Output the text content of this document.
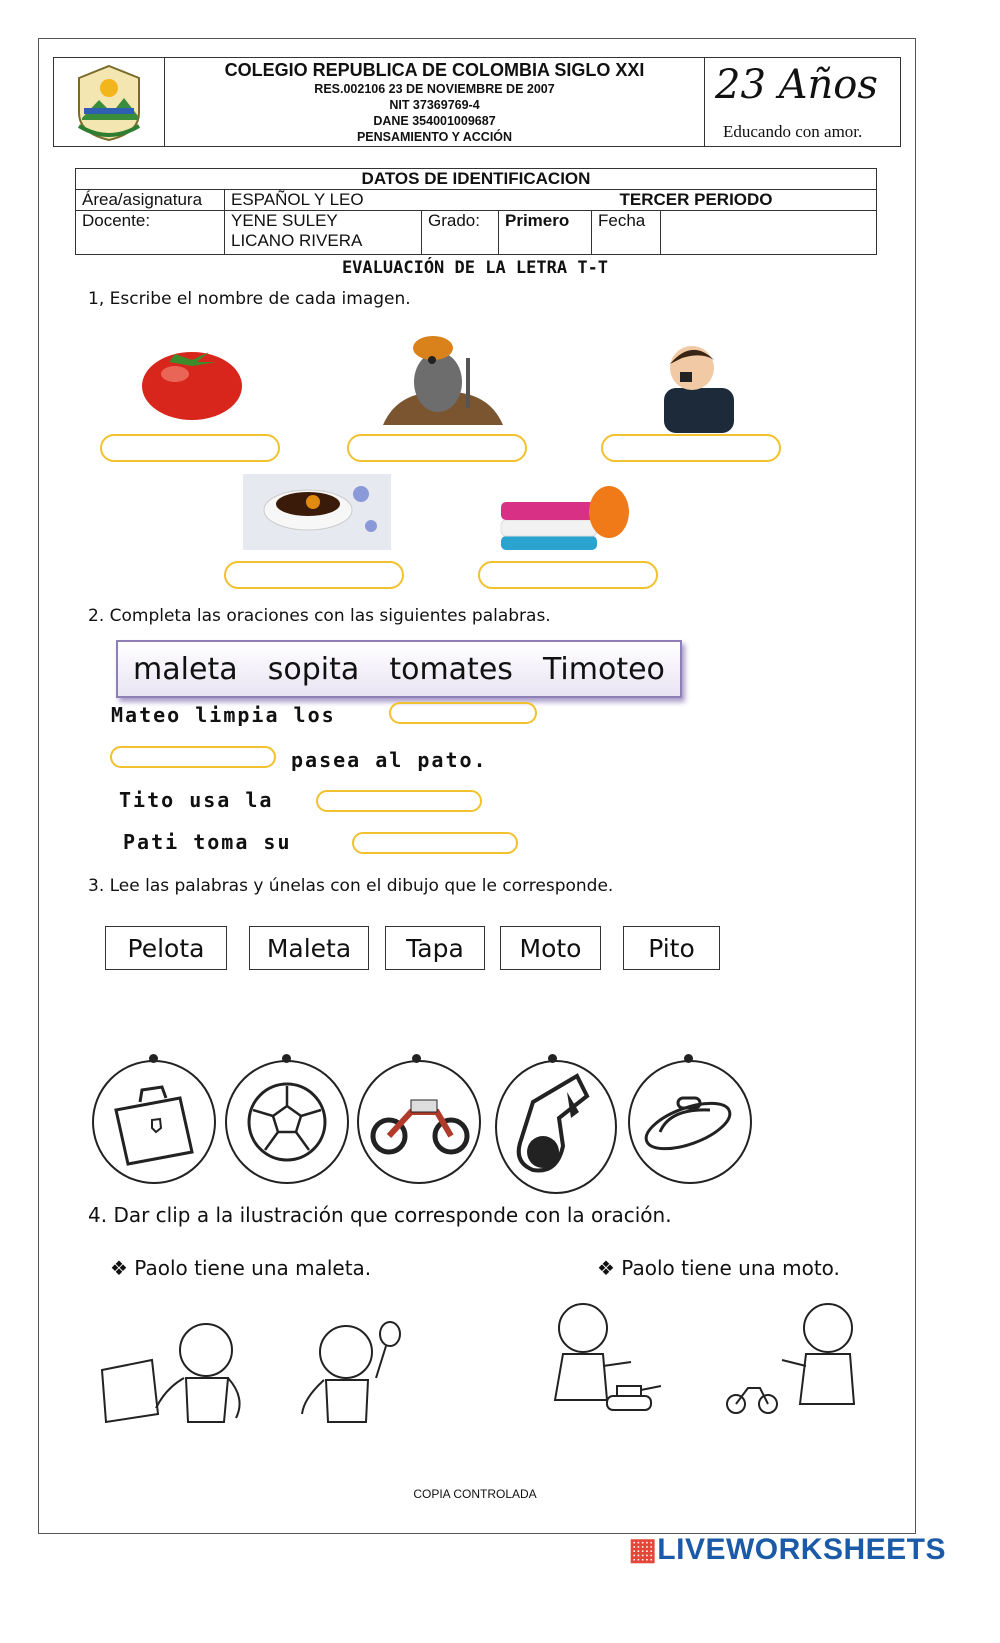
COLEGIO REPUBLICA DE COLOMBIA SIGLO XXI
RES.002106 23 DE NOVIEMBRE DE 2007
NIT 37369769-4
DANE 354001009687
PENSAMIENTO Y ACCIÓN
23 Años
Educando con amor.
DATOS DE IDENTIFICACION					
Área/asignatura	ESPAÑOL Y LEO			TERCER PERIODO	
Docente:	YENE SULEY
LICANO RIVERA	Grado:	Primero	Fecha	
EVALUACIÓN DE LA LETRA T-T
1, Escribe el nombre de cada imagen.
2. Completa las oraciones con las siguientes palabras.
maleta sopita tomates Timoteo
Mateo limpia los
pasea al pato.
Tito usa la
Pati toma su
3. Lee las palabras y únelas con el dibujo que le corresponde.
Pelota	Maleta	Tapa	Moto	Pito
4. Dar clip a la ilustración que corresponde con la oración.
❖ Paolo tiene una maleta.	❖ Paolo tiene una moto.
COPIA CONTROLADA
▦LIVEWORKSHEETS
